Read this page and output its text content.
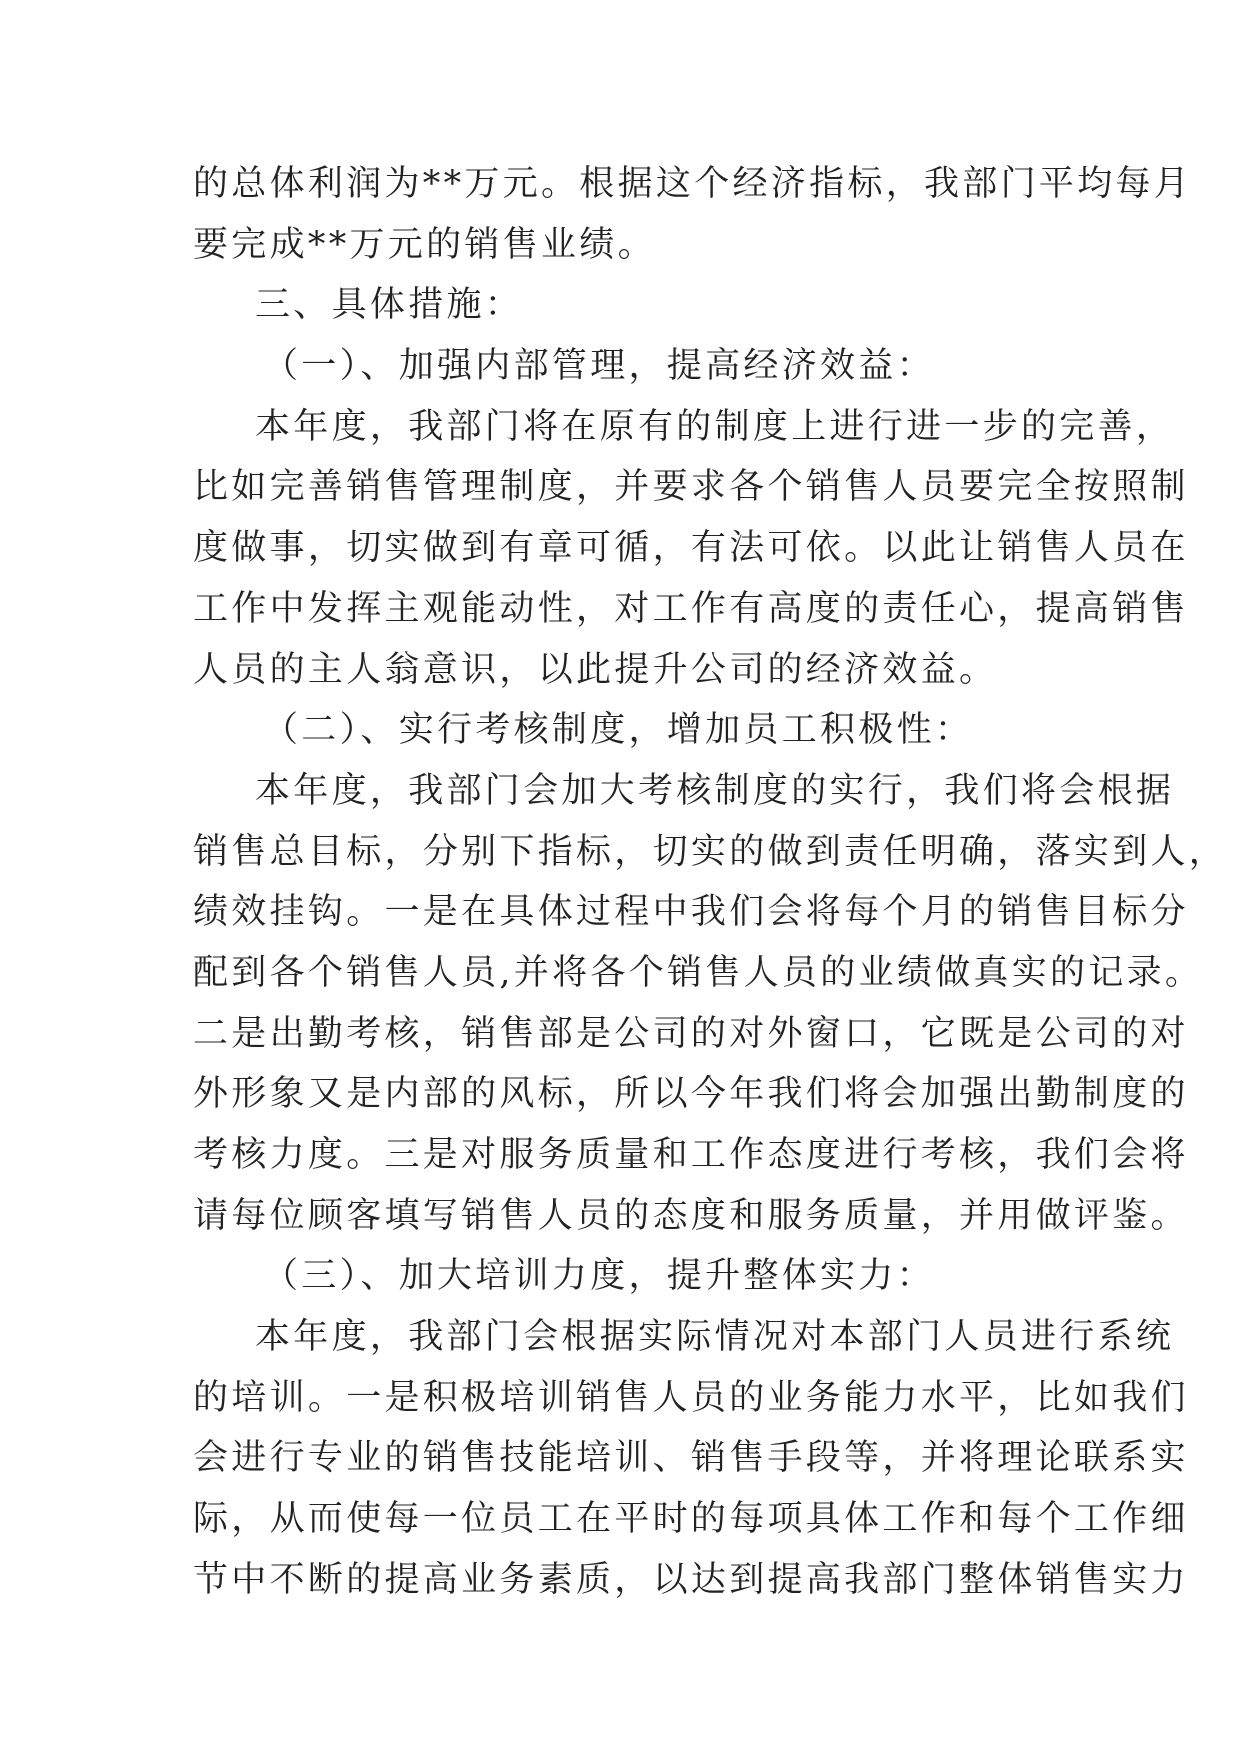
的总体利润为**万元。根据这个经济指标，我部门平均每月
要完成**万元的销售业绩。
三、具体措施：
（一）、加强内部管理，提高经济效益：
本年度，我部门将在原有的制度上进行进一步的完善，
比如完善销售管理制度，并要求各个销售人员要完全按照制
度做事，切实做到有章可循，有法可依。以此让销售人员在
工作中发挥主观能动性，对工作有高度的责任心，提高销售
人员的主人翁意识，以此提升公司的经济效益。
（二）、实行考核制度，增加员工积极性：
本年度，我部门会加大考核制度的实行，我们将会根据
销售总目标，分别下指标，切实的做到责任明确，落实到人，
绩效挂钩。一是在具体过程中我们会将每个月的销售目标分
配到各个销售人员,并将各个销售人员的业绩做真实的记录。
二是出勤考核，销售部是公司的对外窗口，它既是公司的对
外形象又是内部的风标，所以今年我们将会加强出勤制度的
考核力度。三是对服务质量和工作态度进行考核，我们会将
请每位顾客填写销售人员的态度和服务质量，并用做评鉴。
（三）、加大培训力度，提升整体实力：
本年度，我部门会根据实际情况对本部门人员进行系统
的培训。一是积极培训销售人员的业务能力水平，比如我们
会进行专业的销售技能培训、销售手段等，并将理论联系实
际，从而使每一位员工在平时的每项具体工作和每个工作细
节中不断的提高业务素质，以达到提高我部门整体销售实力
